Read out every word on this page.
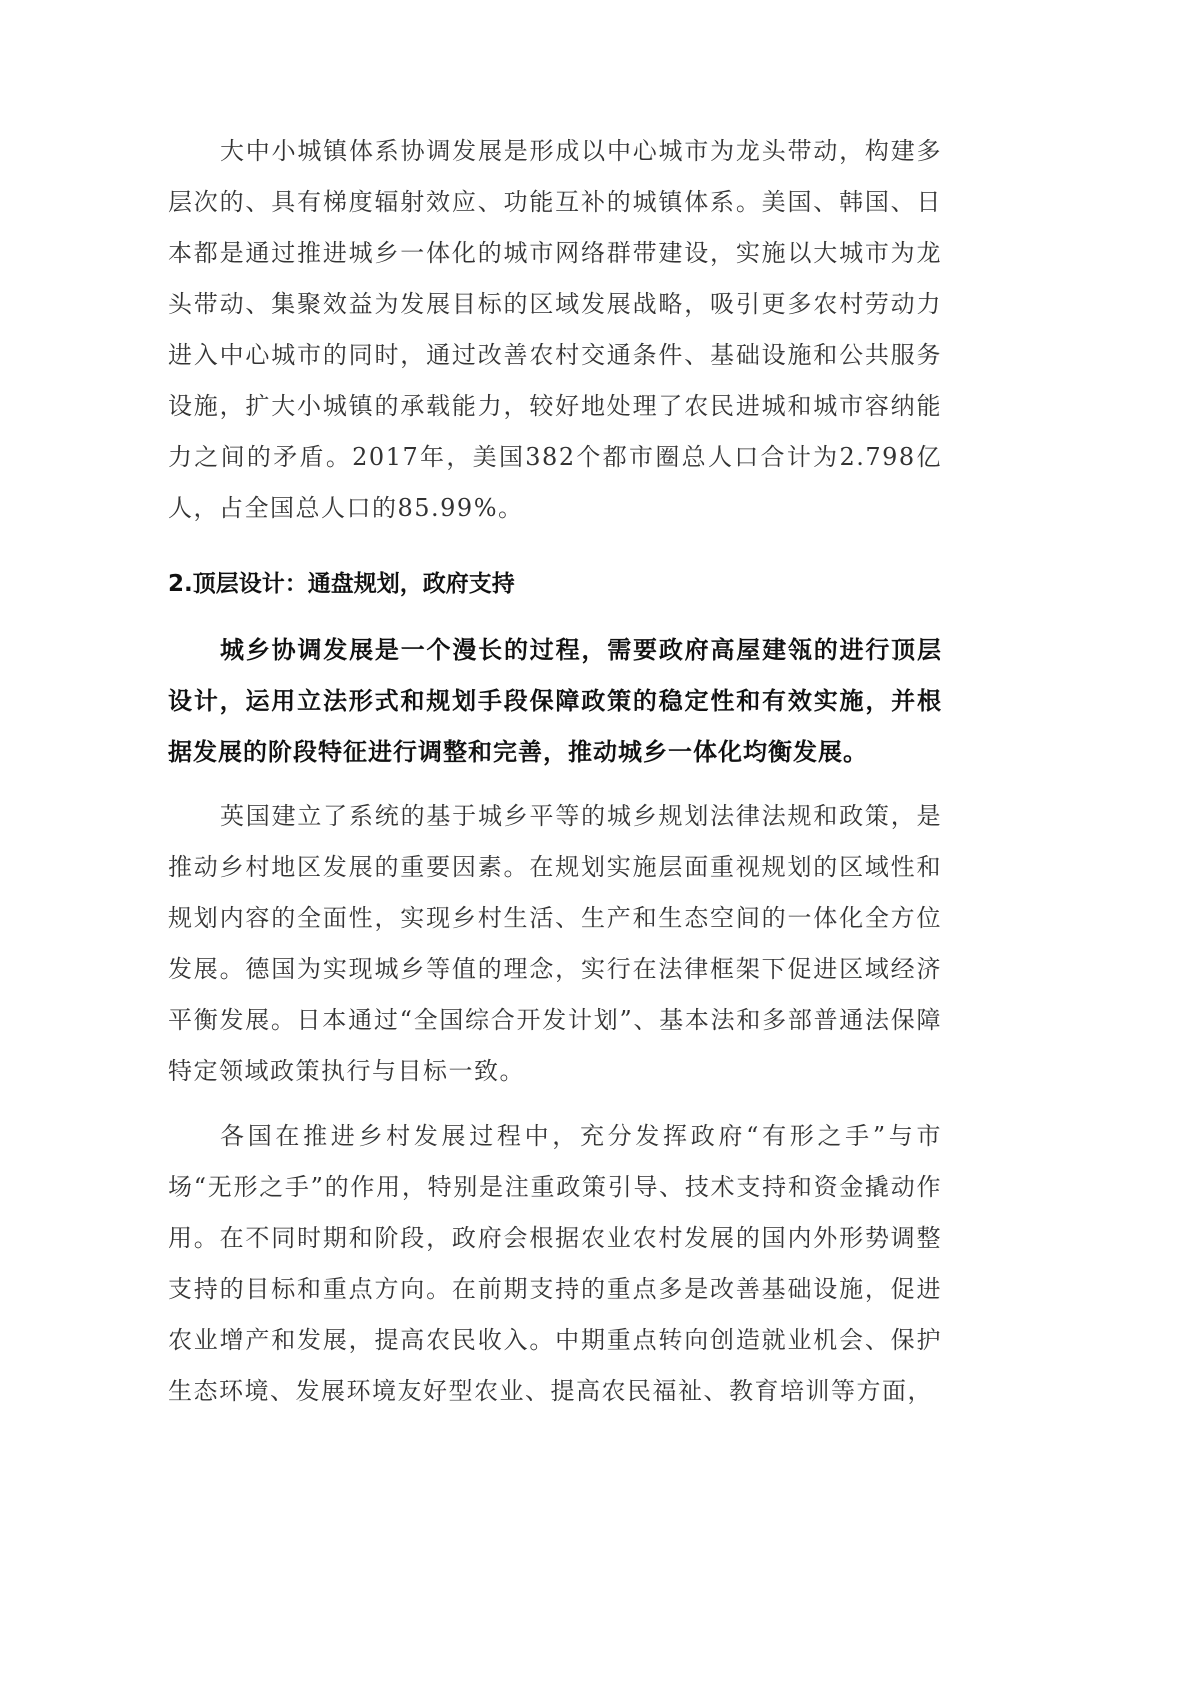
大中小城镇体系协调发展是形成以中心城市为龙头带动，构建多层次的、具有梯度辐射效应、功能互补的城镇体系。美国、韩国、日本都是通过推进城乡一体化的城市网络群带建设，实施以大城市为龙头带动、集聚效益为发展目标的区域发展战略，吸引更多农村劳动力进入中心城市的同时，通过改善农村交通条件、基础设施和公共服务设施，扩大小城镇的承载能力，较好地处理了农民进城和城市容纳能力之间的矛盾。2017年，美国382个都市圈总人口合计为2.798亿人，占全国总人口的85.99%。

2.顶层设计：通盘规划，政府支持

城乡协调发展是一个漫长的过程，需要政府高屋建瓴的进行顶层设计，运用立法形式和规划手段保障政策的稳定性和有效实施，并根据发展的阶段特征进行调整和完善，推动城乡一体化均衡发展。

英国建立了系统的基于城乡平等的城乡规划法律法规和政策，是推动乡村地区发展的重要因素。在规划实施层面重视规划的区域性和规划内容的全面性，实现乡村生活、生产和生态空间的一体化全方位发展。德国为实现城乡等值的理念，实行在法律框架下促进区域经济平衡发展。日本通过“全国综合开发计划”、基本法和多部普通法保障特定领域政策执行与目标一致。

各国在推进乡村发展过程中，充分发挥政府“有形之手”与市场“无形之手”的作用，特别是注重政策引导、技术支持和资金撬动作用。在不同时期和阶段，政府会根据农业农村发展的国内外形势调整支持的目标和重点方向。在前期支持的重点多是改善基础设施，促进农业增产和发展，提高农民收入。中期重点转向创造就业机会、保护生态环境、发展环境友好型农业、提高农民福祉、教育培训等方面，
